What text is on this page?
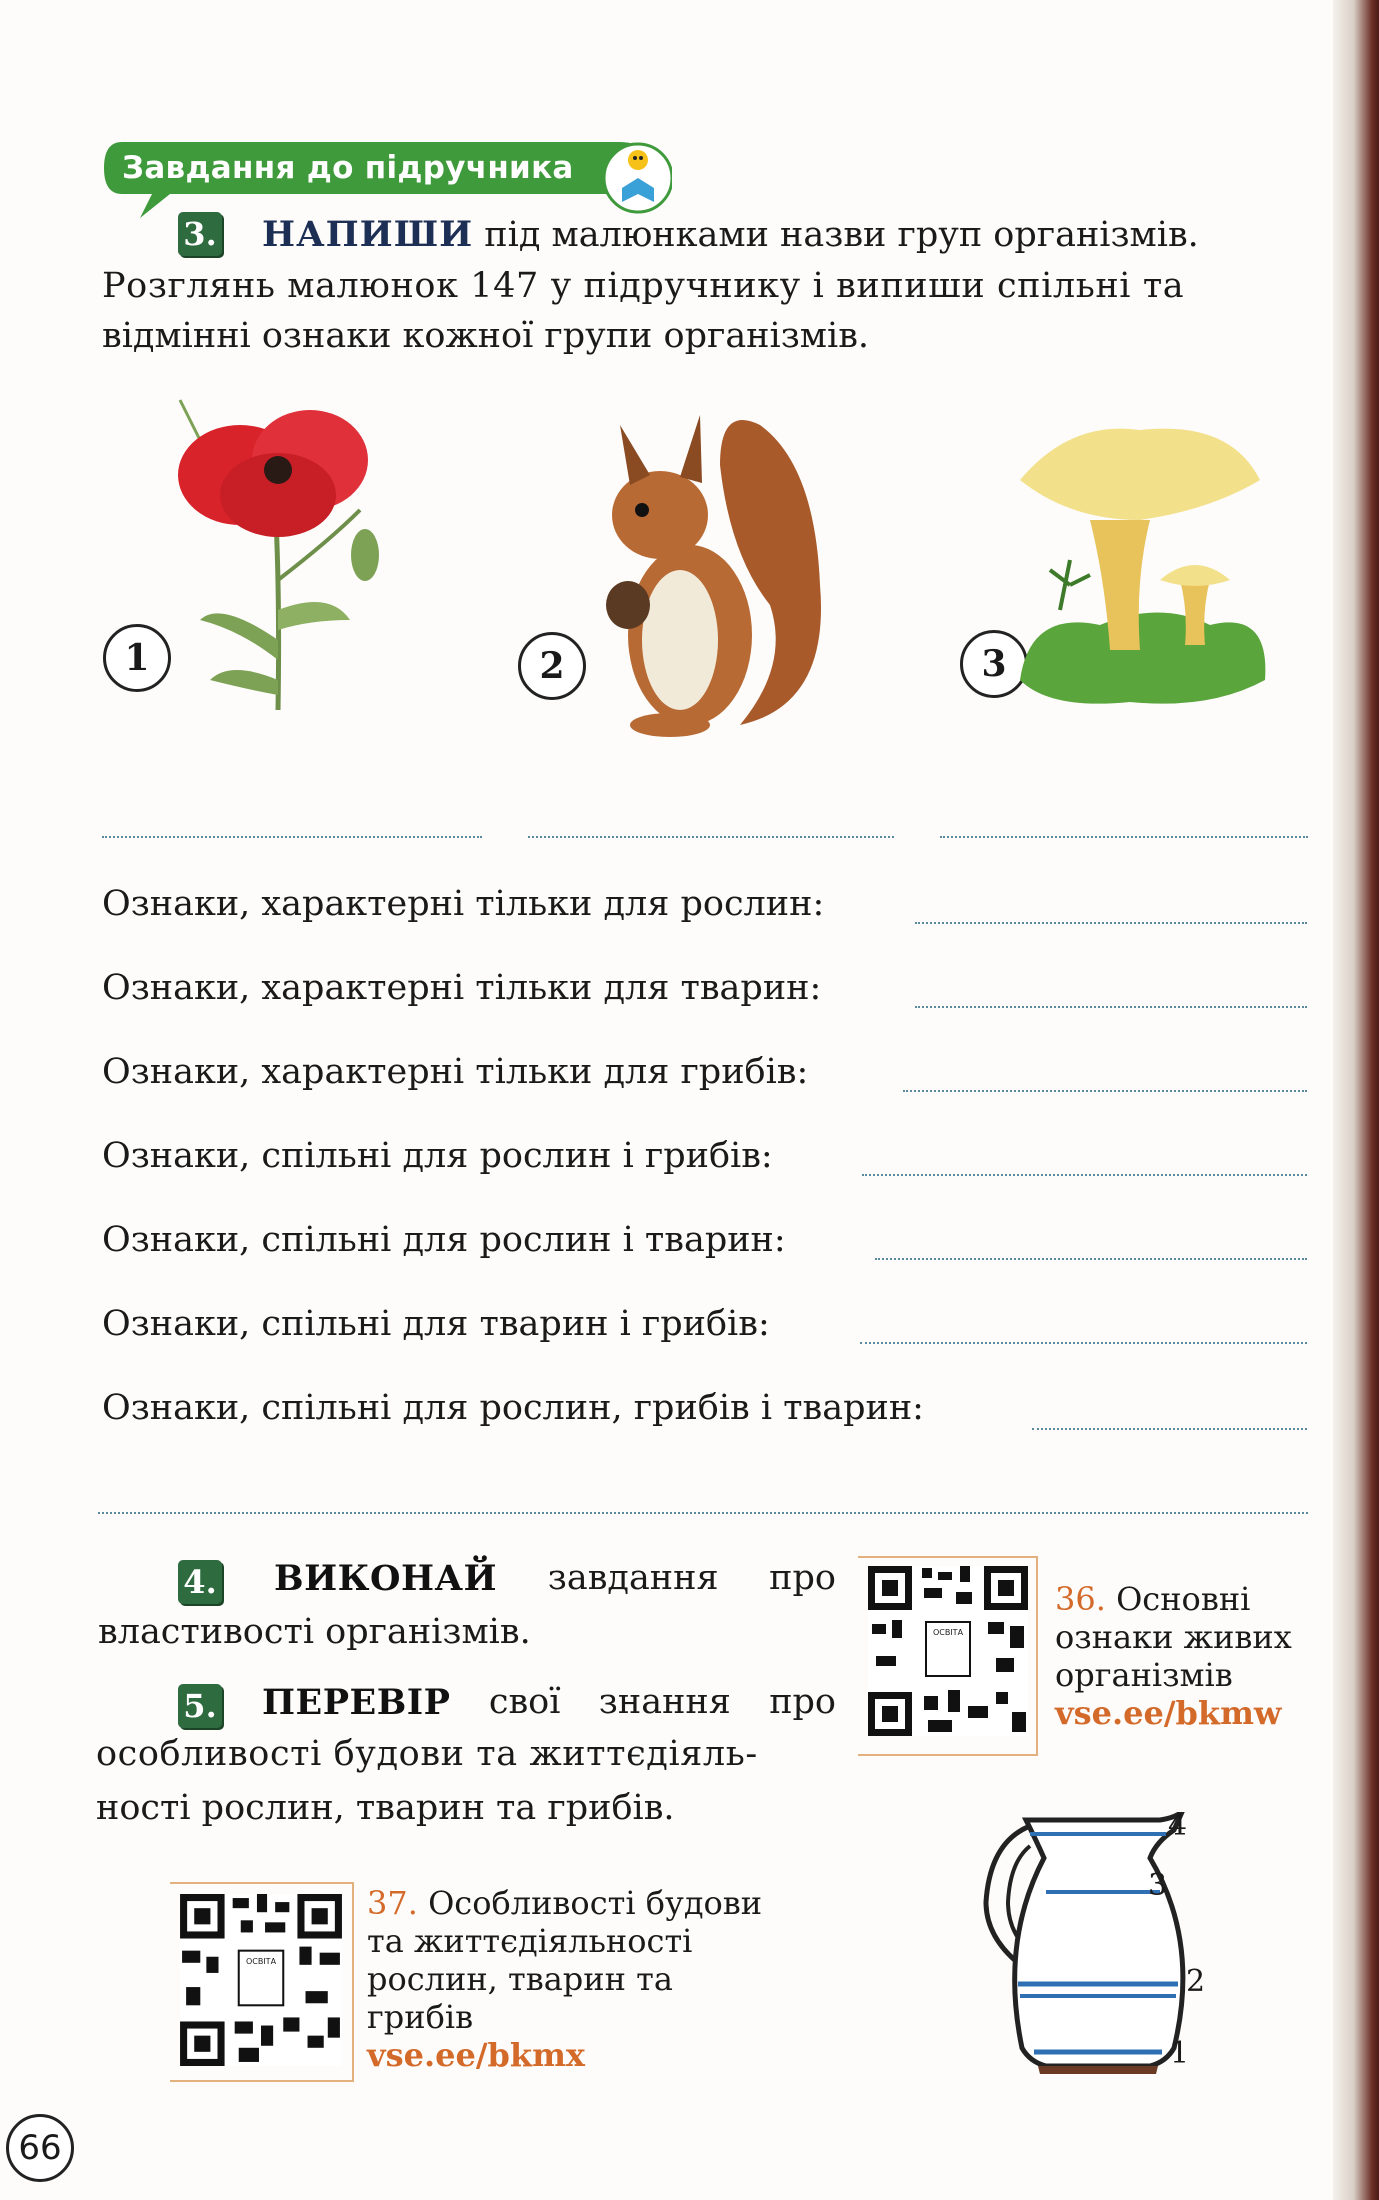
Завдання до підручника
3. НАПИШИ під малюнками назви груп організмів.
Розглянь малюнок 147 у підручнику і випиши спільні та
відмінні ознаки кожної групи організмів.
1	2	3
Ознаки, характерні тільки для рослин:
Ознаки, характерні тільки для тварин:
Ознаки, характерні тільки для грибів:
Ознаки, спільні для рослин і грибів:
Ознаки, спільні для рослин і тварин:
Ознаки, спільні для тварин і грибів:
Ознаки, спільні для рослин, грибів і тварин:
4. ВИКОНАЙ завдання про
властивості організмів.
5. ПЕРЕВІР свої знання про
особливості будови та життєдіяль-
ності рослин, тварин та грибів.
ОСВІТА
36. Основні
ознаки живих
організмів
vse.ee/bkmw
ОСВІТА
37. Особливості будови
та життєдіяльності
рослин, тварин та
грибів
vse.ee/bkmx
4
3
2
1
66
